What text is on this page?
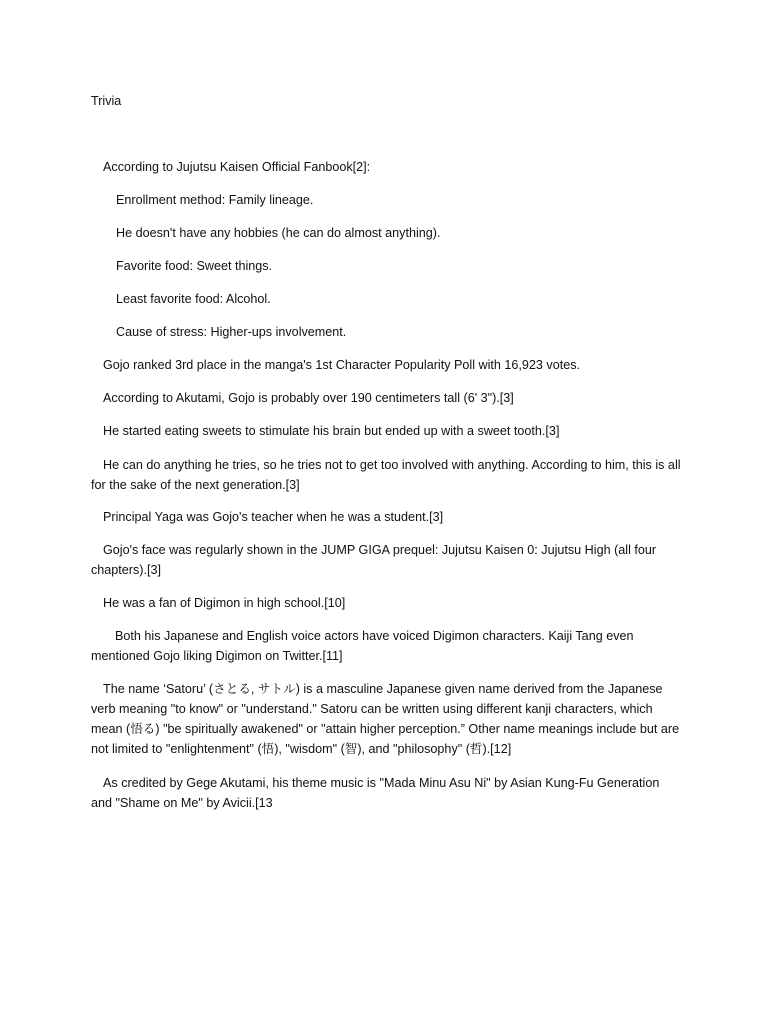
Trivia

According to Jujutsu Kaisen Official Fanbook[2]:

Enrollment method: Family lineage.

He doesn't have any hobbies (he can do almost anything).

Favorite food: Sweet things.

Least favorite food: Alcohol.

Cause of stress: Higher-ups involvement.

Gojo ranked 3rd place in the manga's 1st Character Popularity Poll with 16,923 votes.

According to Akutami, Gojo is probably over 190 centimeters tall (6' 3").[3]

He started eating sweets to stimulate his brain but ended up with a sweet tooth.[3]

He can do anything he tries, so he tries not to get too involved with anything. According to him, this is all for the sake of the next generation.[3]

Principal Yaga was Gojo's teacher when he was a student.[3]

Gojo's face was regularly shown in the JUMP GIGA prequel: Jujutsu Kaisen 0: Jujutsu High (all four chapters).[3]

He was a fan of Digimon in high school.[10]

Both his Japanese and English voice actors have voiced Digimon characters. Kaiji Tang even mentioned Gojo liking Digimon on Twitter.[11]

The name ‘Satoru’ (さとる, サトル) is a masculine Japanese given name derived from the Japanese verb meaning "to know" or "understand." Satoru can be written using different kanji characters, which mean (悟る) "be spiritually awakened" or "attain higher perception.” Other name meanings include but are not limited to "enlightenment" (悟), "wisdom" (智), and "philosophy" (哲).[12]

As credited by Gege Akutami, his theme music is "Mada Minu Asu Ni" by Asian Kung-Fu Generation and "Shame on Me" by Avicii.[13
